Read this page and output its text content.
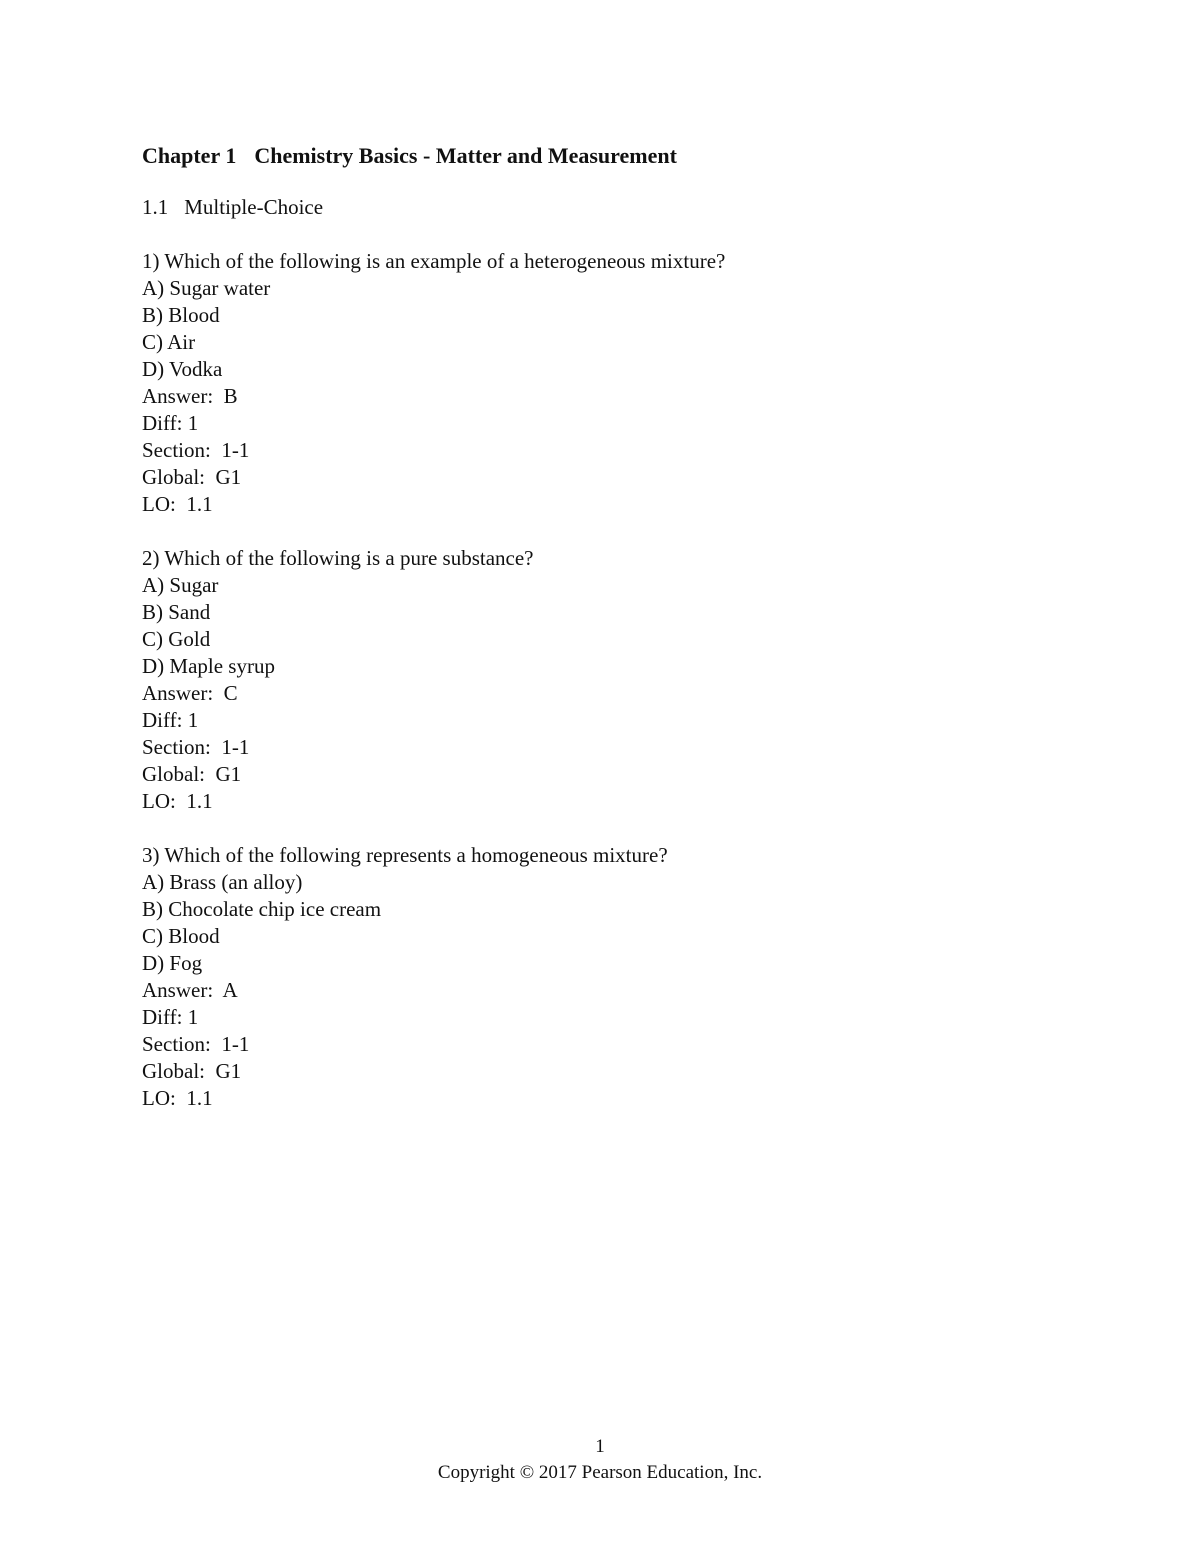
Chapter 1 Chemistry Basics - Matter and Measurement
1.1 Multiple-Choice
1) Which of the following is an example of a heterogeneous mixture?
A) Sugar water
B) Blood
C) Air
D) Vodka
Answer:  B
Diff: 1
Section:  1-1
Global:  G1
LO:  1.1
2) Which of the following is a pure substance?
A) Sugar
B) Sand
C) Gold
D) Maple syrup
Answer:  C
Diff: 1
Section:  1-1
Global:  G1
LO:  1.1
3) Which of the following represents a homogeneous mixture?
A) Brass (an alloy)
B) Chocolate chip ice cream
C) Blood
D) Fog
Answer:  A
Diff: 1
Section:  1-1
Global:  G1
LO:  1.1
1
Copyright © 2017 Pearson Education, Inc.
